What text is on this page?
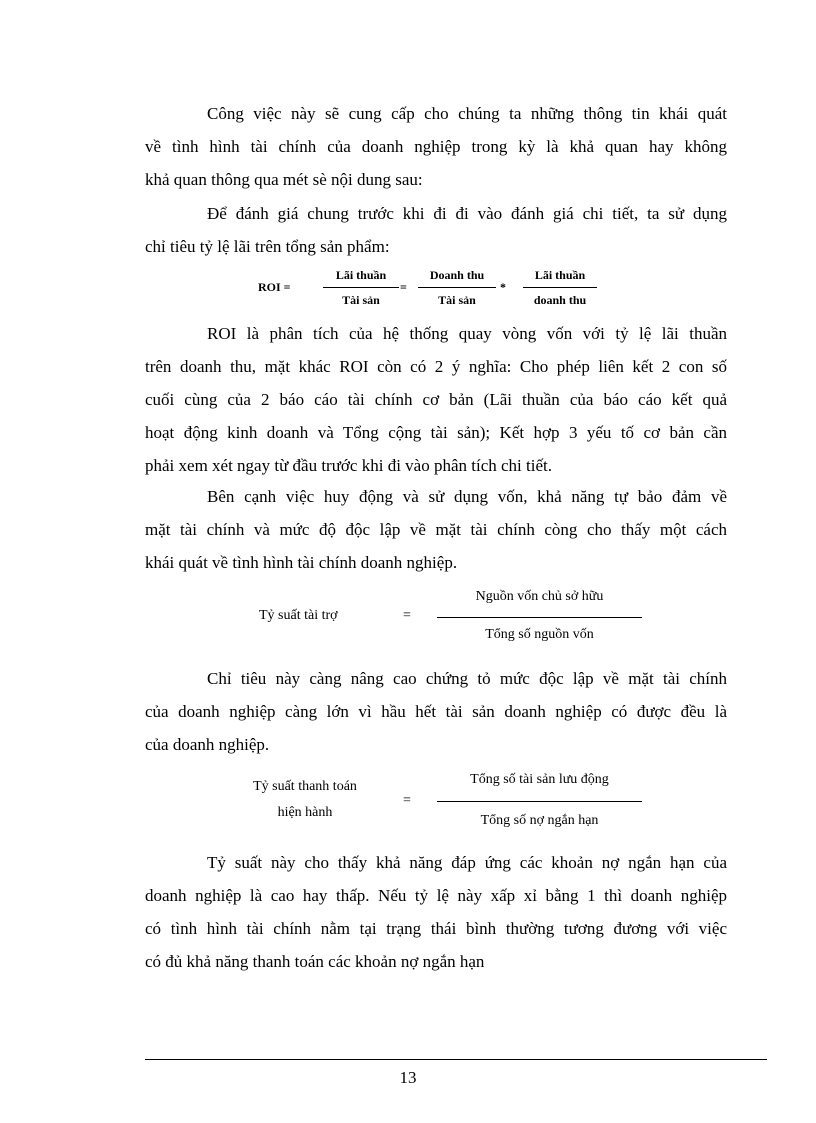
Công việc này sẽ cung cấp cho chúng ta những thông tin khái quát
về tình hình tài chính của doanh nghiệp trong kỳ là khả quan hay không
khả quan thông qua mét sè nội dung sau:
Để đánh giá chung trước khi đi đi vào đánh giá chi tiết, ta sử dụng
chỉ tiêu tỷ lệ lãi trên tổng sản phẩm:
ROI =
Lãi thuần
Tài sản
=
Doanh thu
Tài sản
*
Lãi thuần
doanh thu
ROI là phân tích của hệ thống quay vòng vốn với tỷ lệ lãi thuần
trên doanh thu, mặt khác ROI còn có 2 ý nghĩa: Cho phép liên kết 2 con số
cuối cùng của 2 báo cáo tài chính cơ bản (Lãi thuần của báo cáo kết quả
hoạt động kinh doanh và Tổng cộng tài sản); Kết hợp 3 yếu tố cơ bản cần
phải xem xét ngay từ đầu trước khi đi vào phân tích chi tiết.
Bên cạnh việc huy động và sử dụng vốn, khả năng tự bảo đảm về
mặt tài chính và mức độ độc lập về mặt tài chính còng cho thấy một cách
khái quát về tình hình tài chính doanh nghiệp.
Tỷ suất tài trợ	=
Nguồn vốn chủ sở hữu
Tổng số nguồn vốn
Chỉ tiêu này càng nâng cao chứng tỏ mức độc lập về mặt tài chính
của doanh nghiệp càng lớn vì hầu hết tài sản doanh nghiệp có được đều là
của doanh nghiệp.
Tỷ suất thanh toán
hiện hành
=
Tổng số tài sản lưu động
Tổng số nợ ngắn hạn
Tỷ suất này cho thấy khả năng đáp ứng các khoản nợ ngắn hạn của
doanh nghiệp là cao hay thấp. Nếu tỷ lệ này xấp xỉ bằng 1 thì doanh nghiệp
có tình hình tài chính nằm tại trạng thái bình thường tương đương với việc
có đủ khả năng thanh toán các khoản nợ ngắn hạn
13
